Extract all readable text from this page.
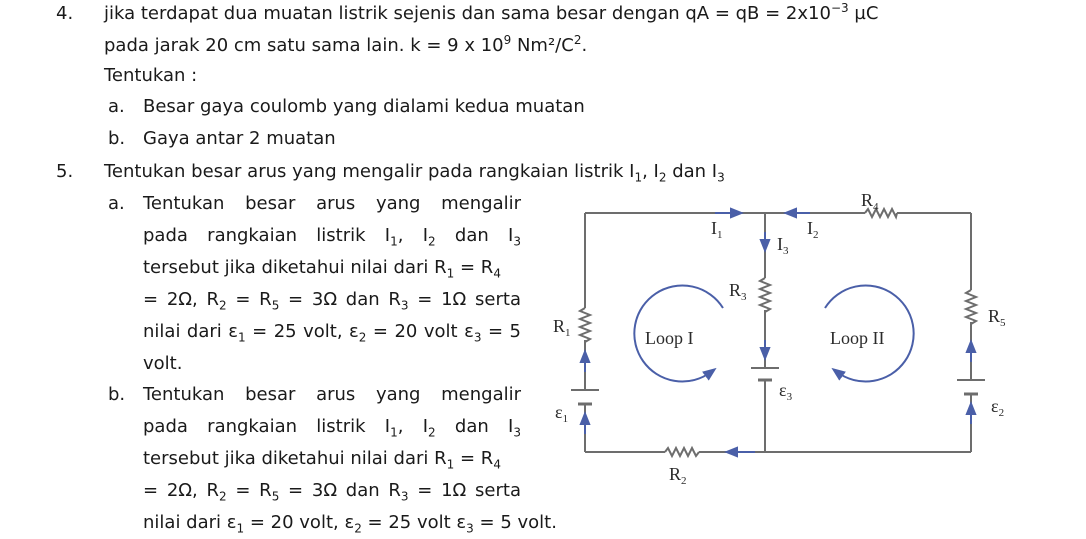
4. jika terdapat dua muatan listrik sejenis dan sama besar dengan qA = qB = $2x10^{-3}$ µC
pada jarak 20 cm satu sama lain. k = 9 x $10^9$ Nm²/$C^2$.
Tentukan :
a. Besar gaya coulomb yang dialami kedua muatan
b. Gaya antar 2 muatan
5. Tentukan besar arus yang mengalir pada rangkaian listrik $I_1$, $I_2$ dan $I_3$
a. Tentukan besar arus yang mengalir
pada rangkaian listrik $I_1$, $I_2$ dan $I_3$
tersebut jika diketahui nilai dari $R_1 = R_4$
= 2Ω, $R_2 = R_5 = 3\Omega$ dan $R_3 = 1\Omega$ serta
nilai dari $\varepsilon_1 = 25$ volt, $\varepsilon_2 = 20$ volt $\varepsilon_3 = 5$
volt.
b. Tentukan besar arus yang mengalir
pada rangkaian listrik $I_1$, $I_2$ dan $I_3$
tersebut jika diketahui nilai dari $R_1 = R_4$
= 2Ω, $R_2 = R_5 = 3\Omega$ dan $R_3 = 1\Omega$ serta
nilai dari $\varepsilon_1 = 20$ volt, $\varepsilon_2 = 25$ volt $\varepsilon_3 = 5$ volt.
$R_4$
$I_1$	$I_2$
$I_3$
$R_3$
$R_1$
$R_5$
Loop I	Loop II
$\varepsilon_3$
$\varepsilon_1$
$\varepsilon_2$
$R_2$
